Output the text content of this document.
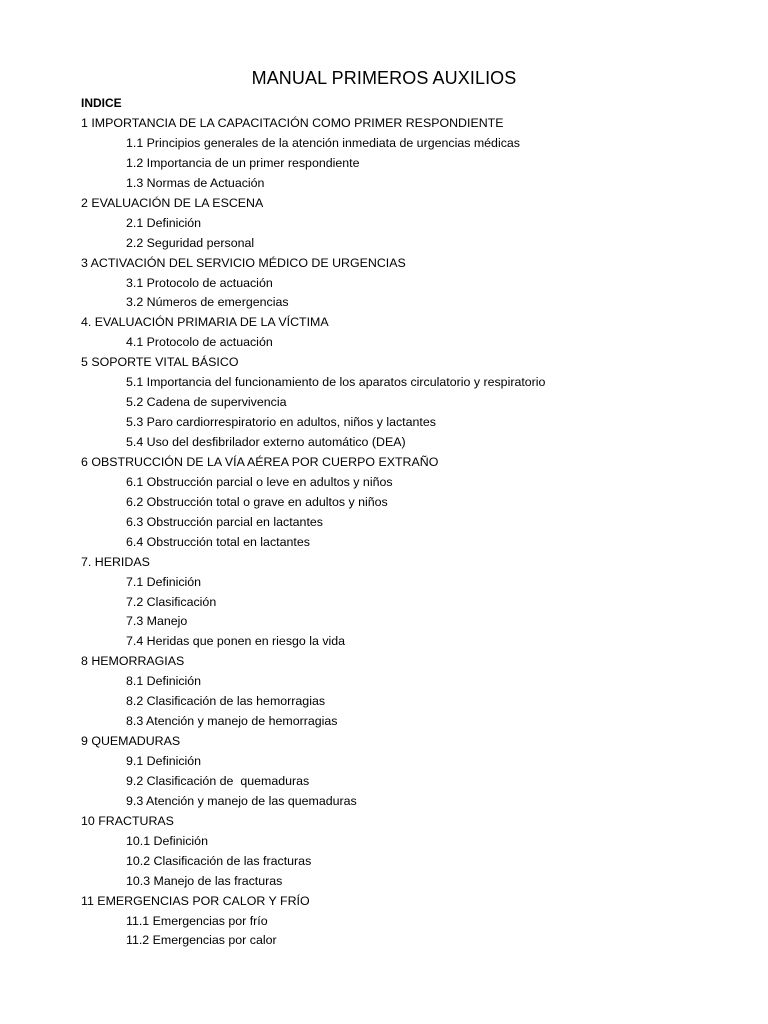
MANUAL PRIMEROS AUXILIOS
INDICE
1 IMPORTANCIA DE LA CAPACITACIÓN COMO PRIMER RESPONDIENTE
1.1 Principios generales de la atención inmediata de urgencias médicas
1.2 Importancia de un primer respondiente
1.3 Normas de Actuación
2 EVALUACIÓN DE LA ESCENA
2.1 Definición
2.2 Seguridad personal
3 ACTIVACIÓN DEL SERVICIO MÉDICO DE URGENCIAS
3.1 Protocolo de actuación
3.2 Números de emergencias
4. EVALUACIÓN PRIMARIA DE LA VÍCTIMA
4.1 Protocolo de actuación
5 SOPORTE VITAL BÁSICO
5.1 Importancia del funcionamiento de los aparatos circulatorio y respiratorio
5.2 Cadena de supervivencia
5.3 Paro cardiorrespiratorio en adultos, niños y lactantes
5.4 Uso del desfibrilador externo automático (DEA)
6 OBSTRUCCIÓN DE LA VÍA AÉREA POR CUERPO EXTRAÑO
6.1 Obstrucción parcial o leve en adultos y niños
6.2 Obstrucción total o grave en adultos y niños
6.3 Obstrucción parcial en lactantes
6.4 Obstrucción total en lactantes
7. HERIDAS
7.1 Definición
7.2 Clasificación
7.3 Manejo
7.4 Heridas que ponen en riesgo la vida
8 HEMORRAGIAS
8.1 Definición
8.2 Clasificación de las hemorragias
8.3 Atención y manejo de hemorragias
9 QUEMADURAS
9.1 Definición
9.2 Clasificación de  quemaduras
9.3 Atención y manejo de las quemaduras
10 FRACTURAS
10.1 Definición
10.2 Clasificación de las fracturas
10.3 Manejo de las fracturas
11 EMERGENCIAS POR CALOR Y FRÍO
11.1 Emergencias por frío
11.2 Emergencias por calor
